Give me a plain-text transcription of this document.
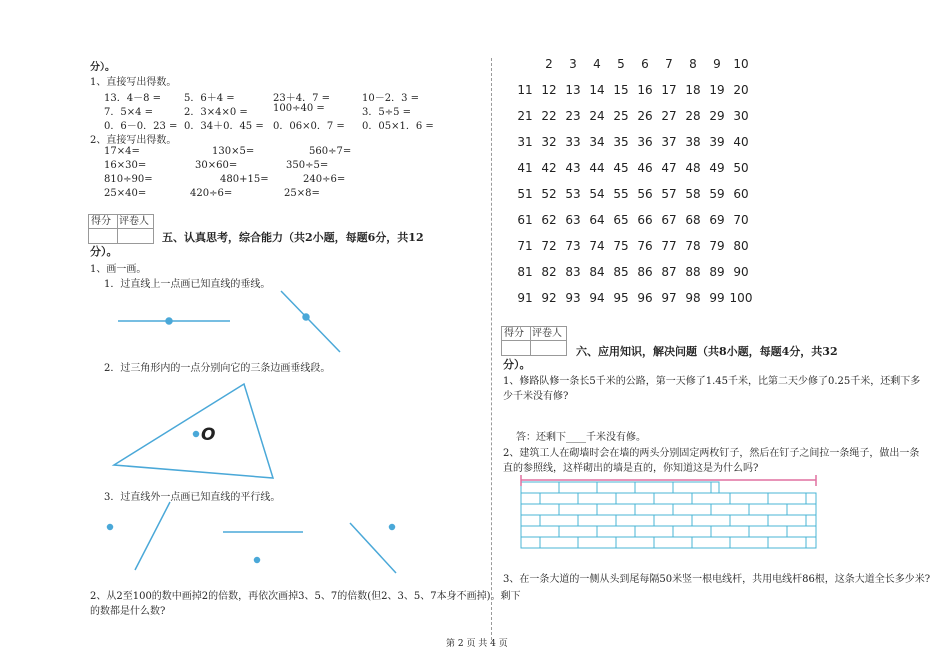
分）。
1、直接写出得数。
13．4－8 = 5．6＋4 =	23＋4．7 =	10－2．3 =
7．5×4 =	2．3×4×0 =	100÷40 =	3．5÷5 =
0．6－0．23 = 0．34＋0．45 = 0．06×0．7 = 0．05×1．6 =
2、直接写出得数。
17×4=	130×5=	560÷7=
16×30=	30×60=	350÷5=
810÷90=	480+15=	240÷6=
25×40=	420÷6=	25×8=
得分 评卷人
五、认真思考，综合能力（共2小题，每题6分，共12
分）。
1、画一画。
1．过直线上一点画已知直线的垂线。
2．过三角形内的一点分别向它的三条边画垂线段。
O
3．过直线外一点画已知直线的平行线。
2、从2至100的数中画掉2的倍数，再依次画掉3、5、7的倍数(但2、3、5、7本身不画掉)。剩下
的数都是什么数?
2	3	4	5	6	7	8	9	10
11 12 13 14 15 16 17 18 19 20
21 22 23 24 25 26 27 28 29 30
31 32 33 34 35 36 37 38 39 40
41 42 43 44 45 46 47 48 49 50
51 52 53 54 55 56 57 58 59 60
61 62 63 64 65 66 67 68 69 70
71 72 73 74 75 76 77 78 79 80
81 82 83 84 85 86 87 88 89 90
91 92 93 94 95 96 97 98 99 100
得分 评卷人
六、应用知识，解决问题（共8小题，每题4分，共32
分）。
1、修路队修一条长5千米的公路，第一天修了1.45千米，比第二天少修了0.25千米，还剩下多
少千米没有修?
答：还剩下____千米没有修。
2、建筑工人在砌墙时会在墙的两头分别固定两枚钉子，然后在钉子之间拉一条绳子，做出一条
直的参照线，这样砌出的墙是直的，你知道这是为什么吗?
3、在一条大道的一侧从头到尾每隔50米竖一根电线杆，共用电线杆86根，这条大道全长多少米?
第 2 页 共 4 页
